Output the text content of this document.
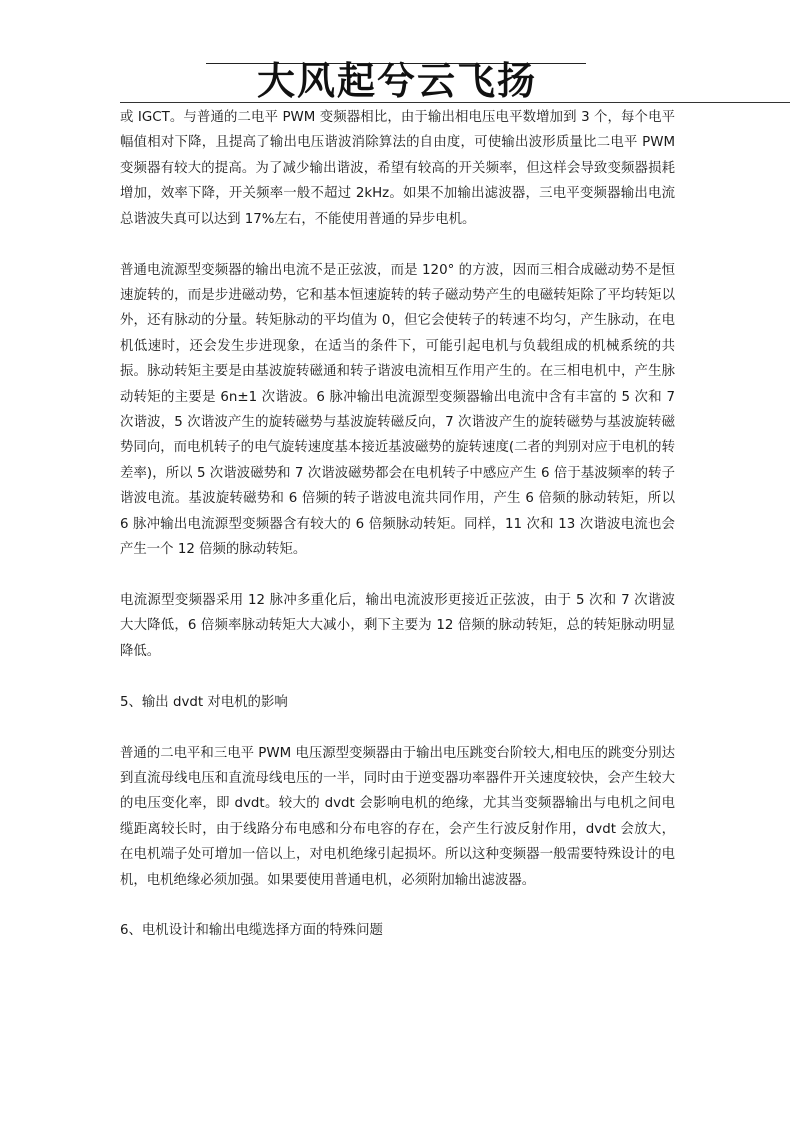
大风起兮云飞扬

或 IGCT。与普通的二电平 PWM 变频器相比，由于输出相电压电平数增加到 3 个，每个电平幅值相对下降，且提高了输出电压谐波消除算法的自由度，可使输出波形质量比二电平 PWM 变频器有较大的提高。为了减少输出谐波，希望有较高的开关频率，但这样会导致变频器损耗增加，效率下降，开关频率一般不超过 2kHz。如果不加输出滤波器，三电平变频器输出电流总谐波失真可以达到 17%左右，不能使用普通的异步电机。

普通电流源型变频器的输出电流不是正弦波，而是 120° 的方波，因而三相合成磁动势不是恒速旋转的，而是步进磁动势，它和基本恒速旋转的转子磁动势产生的电磁转矩除了平均转矩以外，还有脉动的分量。转矩脉动的平均值为 0，但它会使转子的转速不均匀，产生脉动，在电机低速时，还会发生步进现象，在适当的条件下，可能引起电机与负载组成的机械系统的共振。脉动转矩主要是由基波旋转磁通和转子谐波电流相互作用产生的。在三相电机中，产生脉动转矩的主要是 6n±1 次谐波。6 脉冲输出电流源型变频器输出电流中含有丰富的 5 次和 7 次谐波，5 次谐波产生的旋转磁势与基波旋转磁反向，7 次谐波产生的旋转磁势与基波旋转磁势同向，而电机转子的电气旋转速度基本接近基波磁势的旋转速度(二者的判别对应于电机的转差率)，所以 5 次谐波磁势和 7 次谐波磁势都会在电机转子中感应产生 6 倍于基波频率的转子谐波电流。基波旋转磁势和 6 倍频的转子谐波电流共同作用，产生 6 倍频的脉动转矩，所以 6 脉冲输出电流源型变频器含有较大的 6 倍频脉动转矩。同样，11 次和 13 次谐波电流也会产生一个 12 倍频的脉动转矩。

电流源型变频器采用 12 脉冲多重化后，输出电流波形更接近正弦波，由于 5 次和 7 次谐波大大降低，6 倍频率脉动转矩大大减小，剩下主要为 12 倍频的脉动转矩，总的转矩脉动明显降低。

5、输出 dvdt 对电机的影响

普通的二电平和三电平 PWM 电压源型变频器由于输出电压跳变台阶较大,相电压的跳变分别达到直流母线电压和直流母线电压的一半，同时由于逆变器功率器件开关速度较快，会产生较大的电压变化率，即 dvdt。较大的 dvdt 会影响电机的绝缘，尤其当变频器输出与电机之间电缆距离较长时，由于线路分布电感和分布电容的存在，会产生行波反射作用，dvdt 会放大，在电机端子处可增加一倍以上，对电机绝缘引起损坏。所以这种变频器一般需要特殊设计的电机，电机绝缘必须加强。如果要使用普通电机，必须附加输出滤波器。

6、电机设计和输出电缆选择方面的特殊问题
